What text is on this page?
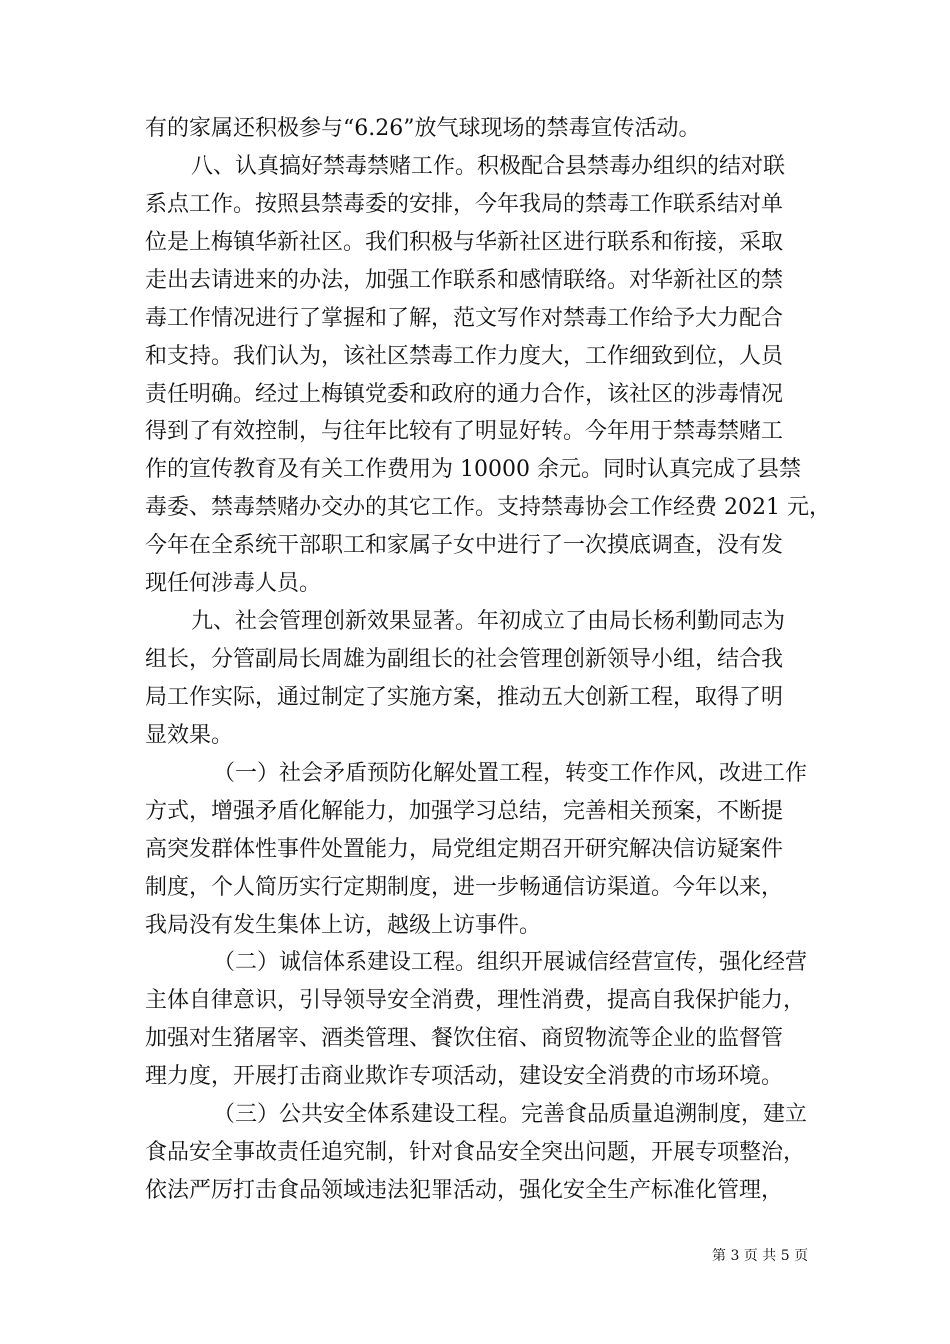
有的家属还积极参与“6.26”放气球现场的禁毒宣传活动。
八、认真搞好禁毒禁赌工作。积极配合县禁毒办组织的结对联
系点工作。按照县禁毒委的安排，今年我局的禁毒工作联系结对单
位是上梅镇华新社区。我们积极与华新社区进行联系和衔接，采取
走出去请进来的办法，加强工作联系和感情联络。对华新社区的禁
毒工作情况进行了掌握和了解，范文写作对禁毒工作给予大力配合
和支持。我们认为，该社区禁毒工作力度大，工作细致到位，人员
责任明确。经过上梅镇党委和政府的通力合作，该社区的涉毒情况
得到了有效控制，与往年比较有了明显好转。今年用于禁毒禁赌工
作的宣传教育及有关工作费用为 10000 余元。同时认真完成了县禁
毒委、禁毒禁赌办交办的其它工作。支持禁毒协会工作经费 2021 元，
今年在全系统干部职工和家属子女中进行了一次摸底调查，没有发
现任何涉毒人员。
九、社会管理创新效果显著。年初成立了由局长杨利勤同志为
组长，分管副局长周雄为副组长的社会管理创新领导小组，结合我
局工作实际，通过制定了实施方案，推动五大创新工程，取得了明
显效果。
（一）社会矛盾预防化解处置工程，转变工作作风，改进工作
方式，增强矛盾化解能力，加强学习总结，完善相关预案，不断提
高突发群体性事件处置能力，局党组定期召开研究解决信访疑案件
制度，个人简历实行定期制度，进一步畅通信访渠道。今年以来，
我局没有发生集体上访，越级上访事件。
（二）诚信体系建设工程。组织开展诚信经营宣传，强化经营
主体自律意识，引导领导安全消费，理性消费，提高自我保护能力，
加强对生猪屠宰、酒类管理、餐饮住宿、商贸物流等企业的监督管
理力度，开展打击商业欺诈专项活动，建设安全消费的市场环境。
（三）公共安全体系建设工程。完善食品质量追溯制度，建立
食品安全事故责任追究制，针对食品安全突出问题，开展专项整治，
依法严厉打击食品领域违法犯罪活动，强化安全生产标准化管理，
第 3 页 共 5 页
